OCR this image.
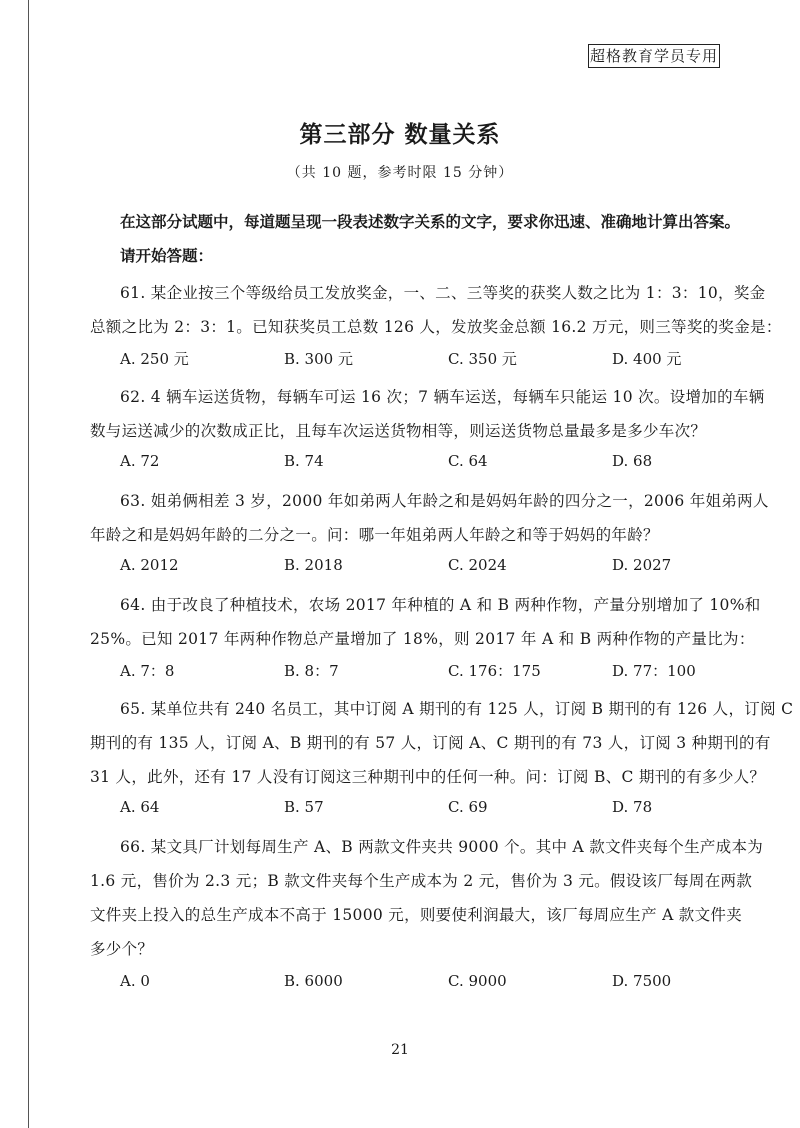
超格教育学员专用
第三部分 数量关系
（共 10 题，参考时限 15 分钟）
在这部分试题中，每道题呈现一段表述数字关系的文字，要求你迅速、准确地计算出答案。
请开始答题：
61. 某企业按三个等级给员工发放奖金，一、二、三等奖的获奖人数之比为 1：3：10，奖金
总额之比为 2：3：1。已知获奖员工总数 126 人，发放奖金总额 16.2 万元，则三等奖的奖金是：
A. 250 元	B. 300 元	C. 350 元	D. 400 元
62. 4 辆车运送货物，每辆车可运 16 次；7 辆车运送，每辆车只能运 10 次。设增加的车辆
数与运送减少的次数成正比，且每车次运送货物相等，则运送货物总量最多是多少车次？
A. 72	B. 74	C. 64	D. 68
63. 姐弟俩相差 3 岁，2000 年如弟两人年龄之和是妈妈年龄的四分之一，2006 年姐弟两人
年龄之和是妈妈年龄的二分之一。问：哪一年姐弟两人年龄之和等于妈妈的年龄？
A. 2012	B. 2018	C. 2024	D. 2027
64. 由于改良了种植技术，农场 2017 年种植的 A 和 B 两种作物，产量分别增加了 10%和
25%。已知 2017 年两种作物总产量增加了 18%，则 2017 年 A 和 B 两种作物的产量比为：
A. 7：8	B. 8：7	C. 176：175	D. 77：100
65. 某单位共有 240 名员工，其中订阅 A 期刊的有 125 人，订阅 B 期刊的有 126 人，订阅 C
期刊的有 135 人，订阅 A、B 期刊的有 57 人，订阅 A、C 期刊的有 73 人，订阅 3 种期刊的有
31 人，此外，还有 17 人没有订阅这三种期刊中的任何一种。问：订阅 B、C 期刊的有多少人？
A. 64	B. 57	C. 69	D. 78
66. 某文具厂计划每周生产 A、B 两款文件夹共 9000 个。其中 A 款文件夹每个生产成本为
1.6 元，售价为 2.3 元；B 款文件夹每个生产成本为 2 元，售价为 3 元。假设该厂每周在两款
文件夹上投入的总生产成本不高于 15000 元，则要使利润最大，该厂每周应生产 A 款文件夹
多少个？
A. 0	B. 6000	C. 9000	D. 7500
21
